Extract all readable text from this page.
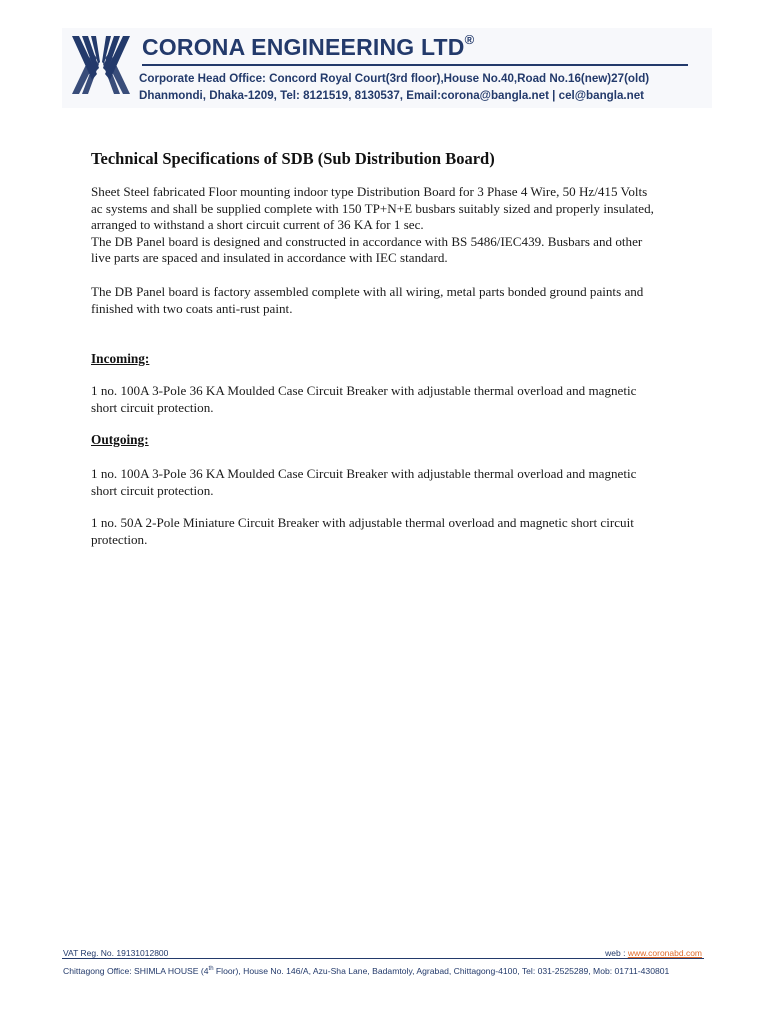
CORONA ENGINEERING LTD®
Corporate Head Office: Concord Royal Court(3rd floor),House No.40,Road No.16(new)27(old)
Dhanmondi, Dhaka-1209, Tel: 8121519, 8130537, Email:corona@bangla.net | cel@bangla.net
Technical Specifications of SDB (Sub Distribution Board)

Sheet Steel fabricated Floor mounting indoor type Distribution Board for 3 Phase 4 Wire, 50 Hz/415 Volts
ac systems and shall be supplied complete with 150 TP+N+E busbars suitably sized and properly insulated,
arranged to withstand a short circuit current of 36 KA for 1 sec.
The DB Panel board is designed and constructed in accordance with BS 5486/IEC439. Busbars and other
live parts are spaced and insulated in accordance with IEC standard.

The DB Panel board is factory assembled complete with all wiring, metal parts bonded ground paints and
finished with two coats anti-rust paint.

Incoming:

1 no. 100A 3-Pole 36 KA Moulded Case Circuit Breaker with adjustable thermal overload and magnetic
short circuit protection.

Outgoing:

1 no. 100A 3-Pole 36 KA Moulded Case Circuit Breaker with adjustable thermal overload and magnetic
short circuit protection.

1 no. 50A 2-Pole Miniature Circuit Breaker with adjustable thermal overload and magnetic short circuit
protection.

VAT Reg. No. 19131012800	web : www.coronabd.com
Chittagong Office: SHIMLA HOUSE (4th Floor), House No. 146/A, Azu-Sha Lane, Badamtoly, Agrabad, Chittagong-4100, Tel: 031-2525289, Mob: 01711-430801
